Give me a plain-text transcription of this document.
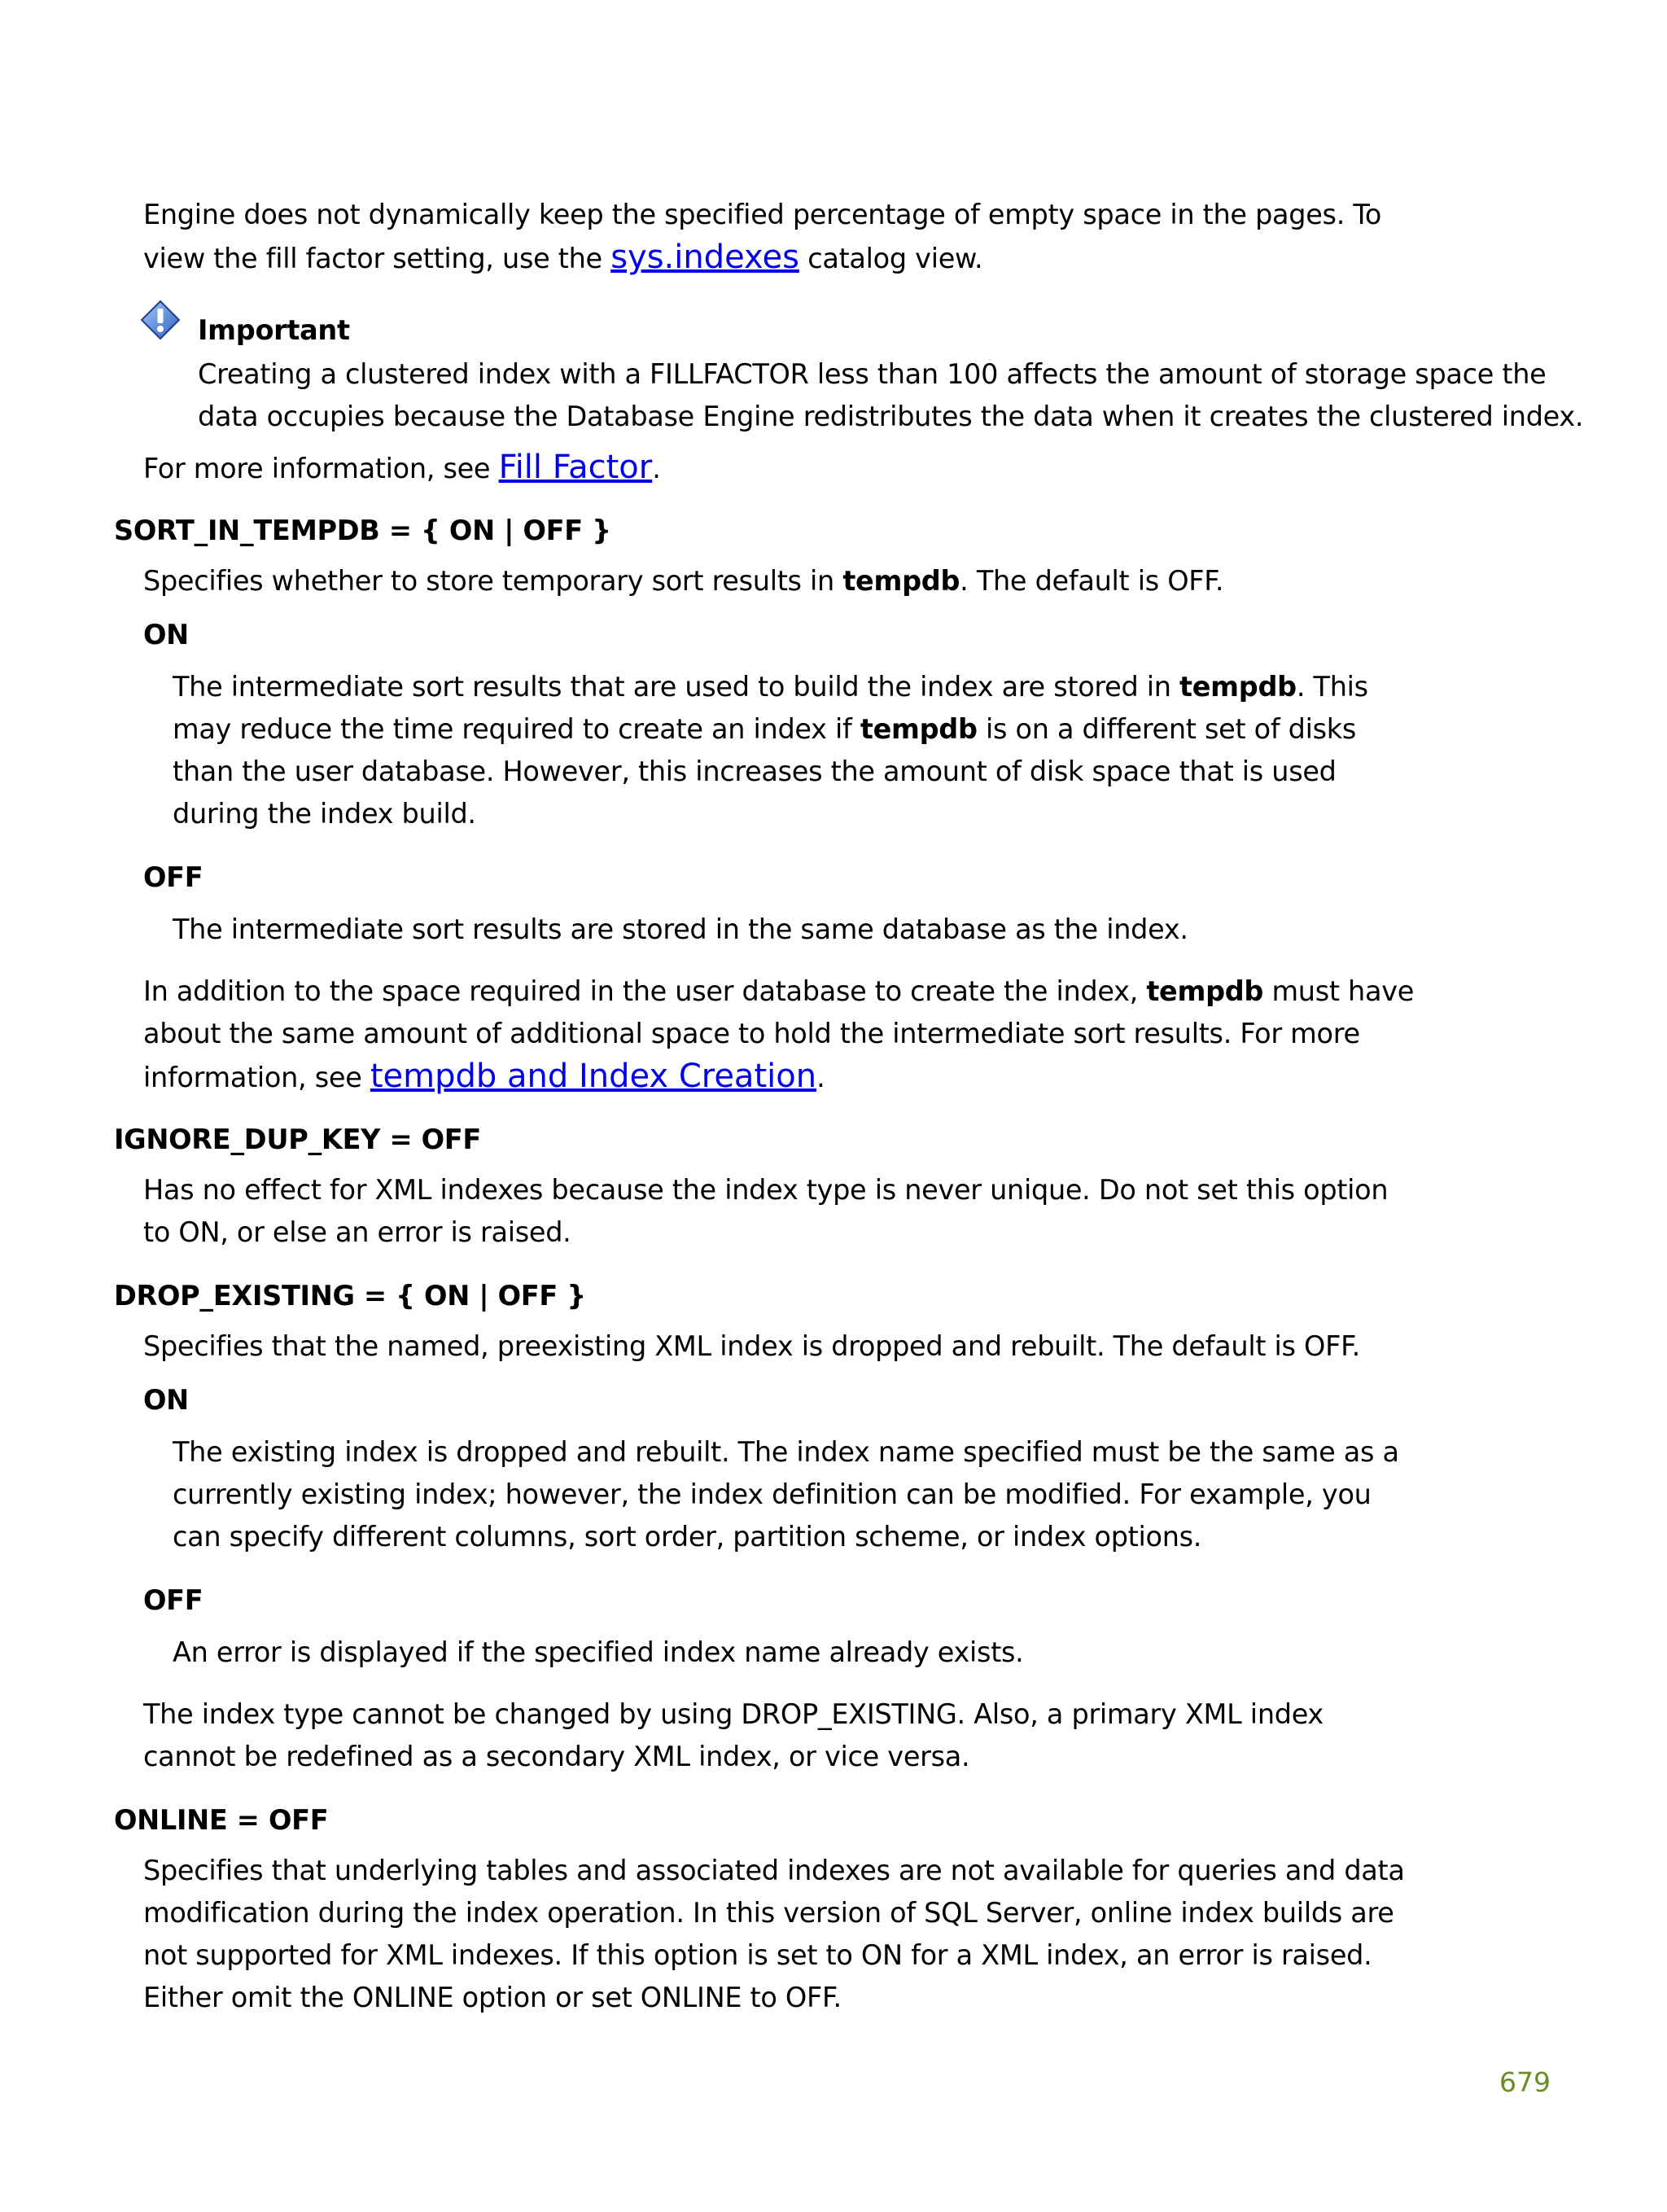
Engine does not dynamically keep the specified percentage of empty space in the pages. To
view the fill factor setting, use the sys.indexes catalog view.
Important
Creating a clustered index with a FILLFACTOR less than 100 affects the amount of storage space the
data occupies because the Database Engine redistributes the data when it creates the clustered index.
For more information, see Fill Factor.
SORT_IN_TEMPDB = { ON | OFF }
Specifies whether to store temporary sort results in tempdb. The default is OFF.
ON
The intermediate sort results that are used to build the index are stored in tempdb. This
may reduce the time required to create an index if tempdb is on a different set of disks
than the user database. However, this increases the amount of disk space that is used
during the index build.
OFF
The intermediate sort results are stored in the same database as the index.
In addition to the space required in the user database to create the index, tempdb must have
about the same amount of additional space to hold the intermediate sort results. For more
information, see tempdb and Index Creation.
IGNORE_DUP_KEY = OFF
Has no effect for XML indexes because the index type is never unique. Do not set this option
to ON, or else an error is raised.
DROP_EXISTING = { ON | OFF }
Specifies that the named, preexisting XML index is dropped and rebuilt. The default is OFF.
ON
The existing index is dropped and rebuilt. The index name specified must be the same as a
currently existing index; however, the index definition can be modified. For example, you
can specify different columns, sort order, partition scheme, or index options.
OFF
An error is displayed if the specified index name already exists.
The index type cannot be changed by using DROP_EXISTING. Also, a primary XML index
cannot be redefined as a secondary XML index, or vice versa.
ONLINE = OFF
Specifies that underlying tables and associated indexes are not available for queries and data
modification during the index operation. In this version of SQL Server, online index builds are
not supported for XML indexes. If this option is set to ON for a XML index, an error is raised.
Either omit the ONLINE option or set ONLINE to OFF.
679
